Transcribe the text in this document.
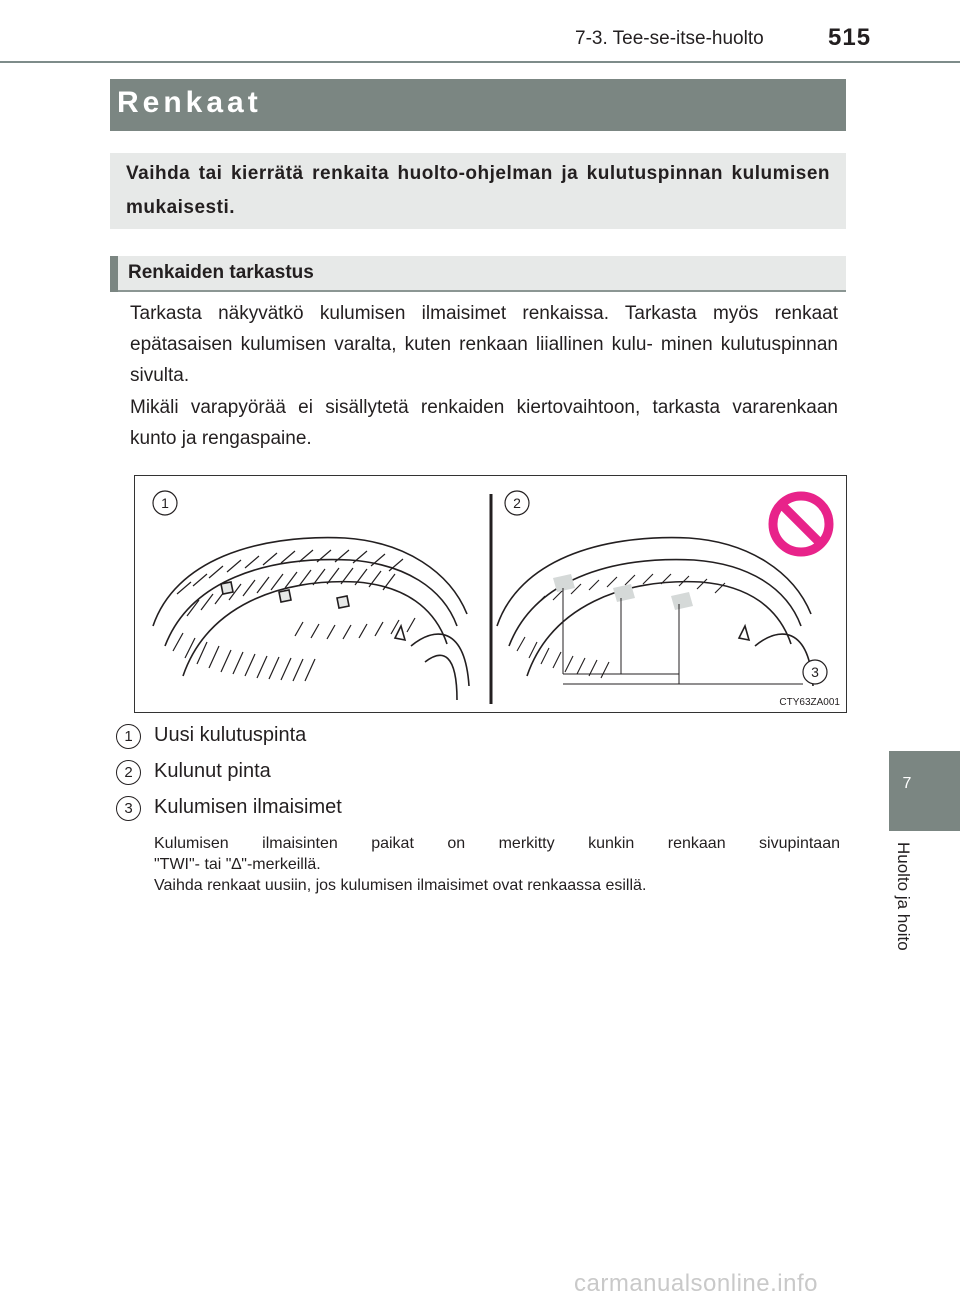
7-3. Tee-se-itse-huolto	515
Renkaat
Vaihda tai kierrätä renkaita huolto-ohjelman ja kulutuspinnan kulumisen mukaisesti.
Renkaiden tarkastus
Tarkasta näkyvätkö kulumisen ilmaisimet renkaissa. Tarkasta myös renkaat epätasaisen kulumisen varalta, kuten renkaan liiallinen kulu- minen kulutuspinnan sivulta.
Mikäli varapyörää ei sisällytetä renkaiden kiertovaihtoon, tarkasta vararenkaan kunto ja rengaspaine.
1	2
3
CTY63ZA001
1	Uusi kulutuspinta
2	Kulunut pinta
3	Kulumisen ilmaisimet
Kulumisen ilmaisinten paikat on merkitty kunkin renkaan sivupintaan
"TWI"- tai "∆"-merkeillä.
Vaihda renkaat uusiin, jos kulumisen ilmaisimet ovat renkaassa esillä.
7
Huolto ja hoito
carmanualsonline.info
